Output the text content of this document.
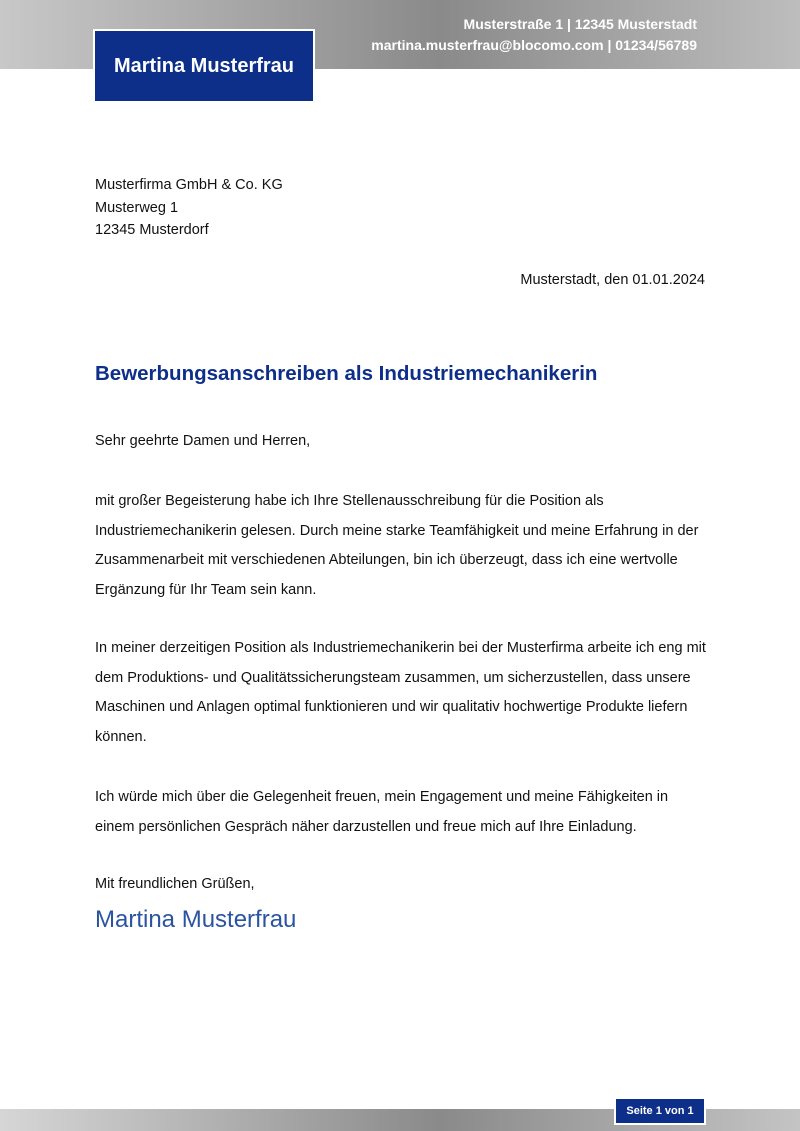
Musterstraße 1 | 12345 Musterstadt
martina.musterfrau@blocomo.com | 01234/56789
Martina Musterfrau
Musterfirma GmbH & Co. KG
Musterweg 1
12345 Musterdorf
Musterstadt, den 01.01.2024
Bewerbungsanschreiben als Industriemechanikerin
Sehr geehrte Damen und Herren,

mit großer Begeisterung habe ich Ihre Stellenausschreibung für die Position als Industriemechanikerin gelesen. Durch meine starke Teamfähigkeit und meine Erfahrung in der Zusammenarbeit mit verschiedenen Abteilungen, bin ich überzeugt, dass ich eine wertvolle Ergänzung für Ihr Team sein kann.

In meiner derzeitigen Position als Industriemechanikerin bei der Musterfirma arbeite ich eng mit dem Produktions- und Qualitätssicherungsteam zusammen, um sicherzustellen, dass unsere Maschinen und Anlagen optimal funktionieren und wir qualitativ hochwertige Produkte liefern können.

Ich würde mich über die Gelegenheit freuen, mein Engagement und meine Fähigkeiten in einem persönlichen Gespräch näher darzustellen und freue mich auf Ihre Einladung.

Mit freundlichen Grüßen,
Martina Musterfrau
Seite 1 von 1
